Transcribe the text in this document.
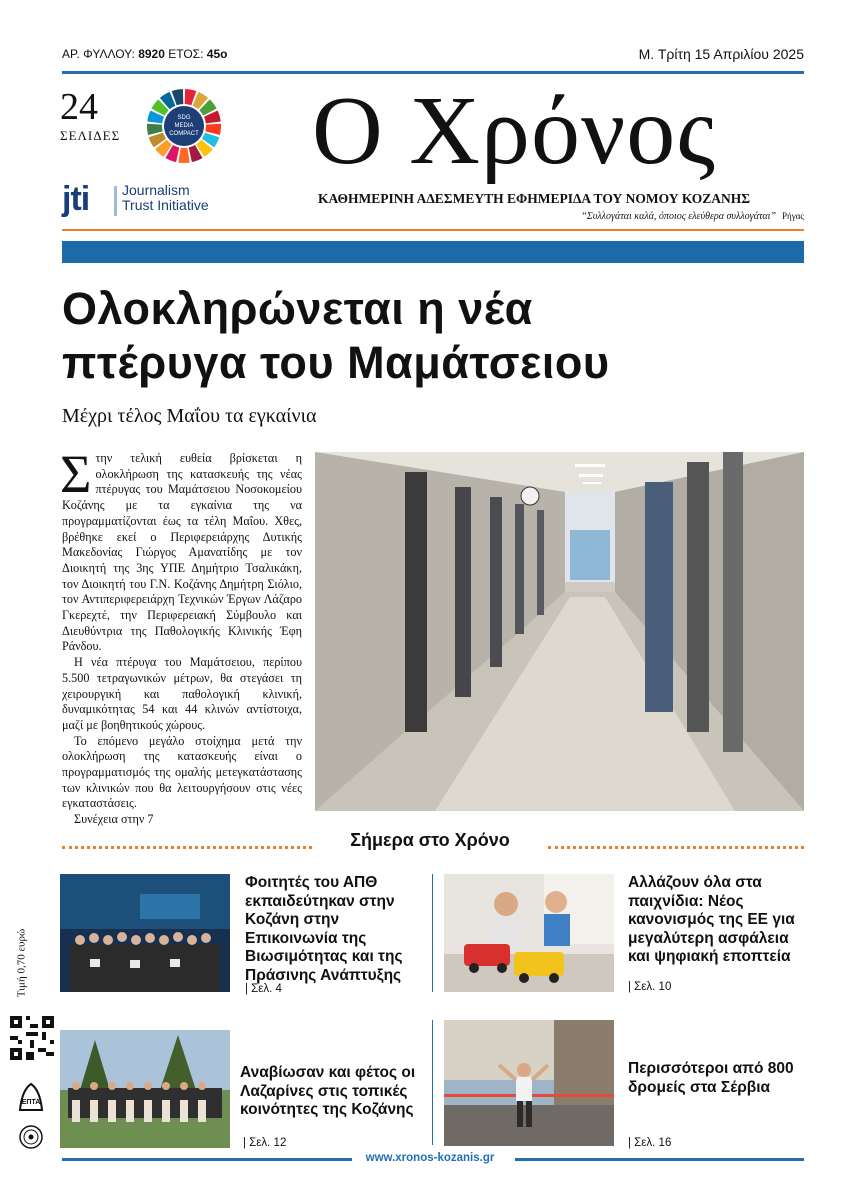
ΑΡ. ΦΥΛΛΟΥ: 8920 ΕΤΟΣ: 45ο	Μ. Τρίτη 15 Απριλίου 2025
24
ΣΕΛΙΔΕΣ
SDG
MEDIA
COMPACT
jti Journalism
Trust Initiative
Ο Χρόνος
ΚΑΘΗΜΕΡΙΝΗ ΑΔΕΣΜΕΥΤΗ ΕΦΗΜΕΡΙΔΑ ΤΟΥ ΝΟΜΟΥ ΚΟΖΑΝΗΣ
“Συλλογάται καλά, όποιος ελεύθερα συλλογάται” Ρήγας
Ολοκληρώνεται η νέα
πτέρυγα του Μαμάτσειου
Μέχρι τέλος Μαΐου τα εγκαίνια

Στην τελική ευθεία βρίσκεται η ολοκλήρωση της κατασκευής της νέας πτέρυγας του Μαμάτσειου Νοσοκομείου Κοζάνης με τα εγκαίνια της να προγραμματίζονται έως τα τέλη Μαΐου. Χθες, βρέθηκε εκεί ο Περιφερειάρχης Δυτικής Μακεδονίας Γιώργος Αμανατίδης με τον Διοικητή της 3ης ΥΠΕ Δημήτριο Τσαλικάκη, τον Διοικητή του Γ.Ν. Κοζάνης Δημήτρη Σιόλιο, τον Αντιπεριφερειάρχη Τεχνικών Έργων Λάζαρο Γκερεχτέ, την Περιφερειακή Σύμβουλο και Διευθύντρια της Παθολογικής Κλινικής Έφη Ράνδου.

Η νέα πτέρυγα του Μαμάτσειου, περίπου 5.500 τετραγωνικών μέτρων, θα στεγάσει τη χειρουργική και παθολογική κλινική, δυναμικότητας 54 και 44 κλινών αντίστοιχα, μαζί με βοηθητικούς χώρους.

Το επόμενο μεγάλο στοίχημα μετά την ολοκλήρωση της κατασκευής είναι ο προγραμματισμός της ομαλής μετεγκατάστασης των κλινικών που θα λειτουργήσουν στις νέες εγκαταστάσεις.

Συνέχεια στην 7

Σήμερα στο Χρόνο
Φοιτητές του ΑΠΘ εκπαιδεύτηκαν στην Κοζάνη στην Επικοινωνία της Βιωσιμότητας και της Πράσινης Ανάπτυξης
| Σελ. 4
Αλλάζουν όλα στα παιχνίδια: Νέος κανονισμός της ΕΕ για μεγαλύτερη ασφάλεια και ψηφιακή εποπτεία
| Σελ. 10
Αναβίωσαν και φέτος οι Λαζαρίνες στις τοπικές κοινότητες της Κοζάνης
| Σελ. 12
Περισσότεροι από 800 δρομείς στα Σέρβια
| Σελ. 16
Τιμή 0,70 ευρώ
ΕΠΤΑ
www.xronos-kozanis.gr
